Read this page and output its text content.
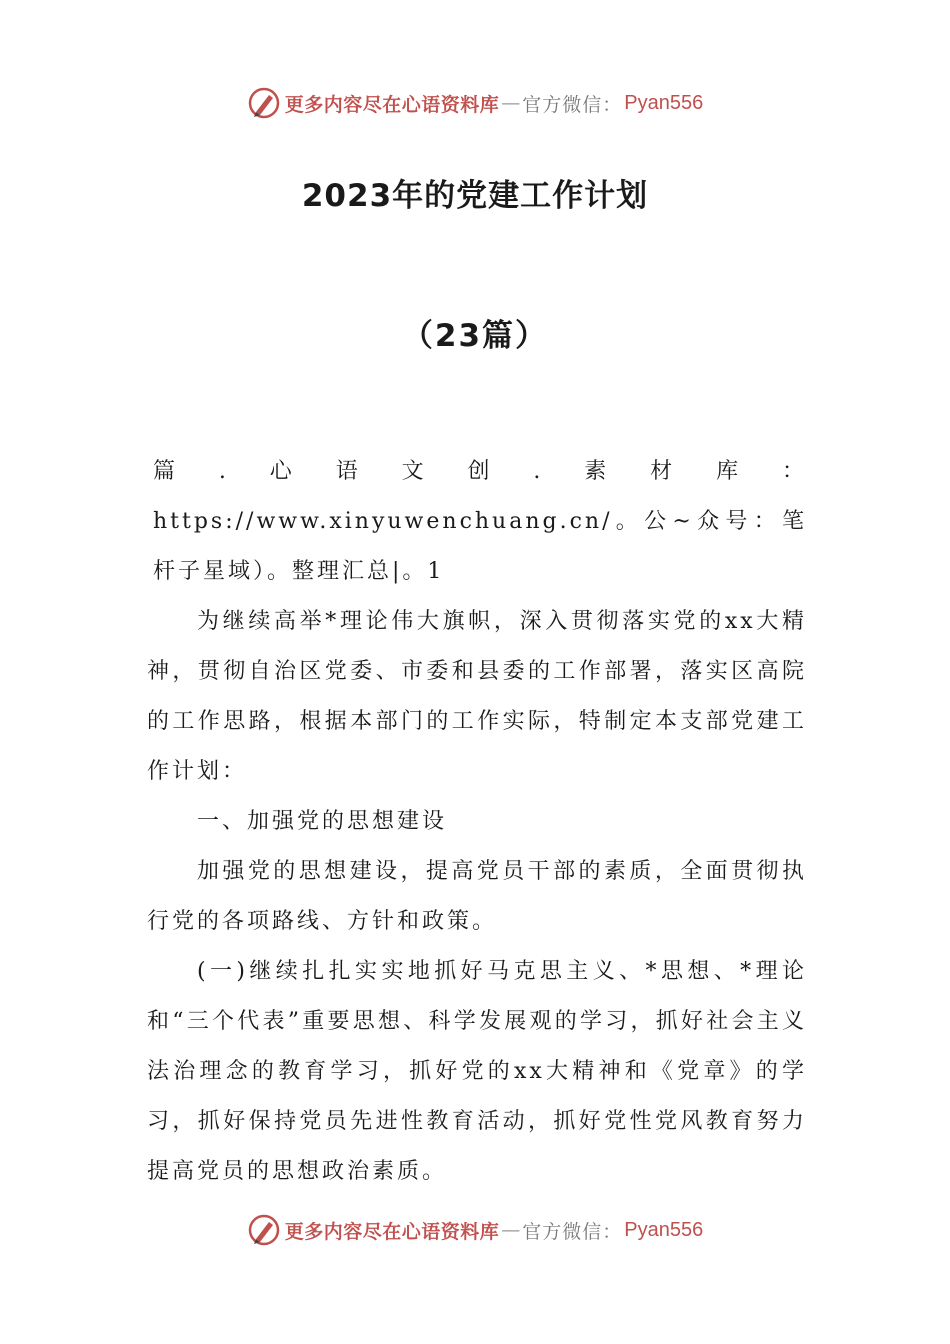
更多内容尽在心语资料库 — 官方微信： Pyan556
2023年的党建工作计划
（23篇）

篇.心语文创.素材库：https://www.xinyuwenchuang.cn/。公~众号：笔杆子星域）。整理汇总|。1

为继续高举*理论伟大旗帜，深入贯彻落实党的xx大精神，贯彻自治区党委、市委和县委的工作部署，落实区高院的工作思路，根据本部门的工作实际，特制定本支部党建工作计划：

一、加强党的思想建设

加强党的思想建设，提高党员干部的素质，全面贯彻执行党的各项路线、方针和政策。

(一)继续扎扎实实地抓好马克思主义、*思想、*理论和“三个代表”重要思想、科学发展观的学习，抓好社会主义法治理念的教育学习，抓好党的xx大精神和《党章》的学习，抓好保持党员先进性教育活动，抓好党性党风教育努力提高党员的思想政治素质。

更多内容尽在心语资料库 — 官方微信： Pyan556
